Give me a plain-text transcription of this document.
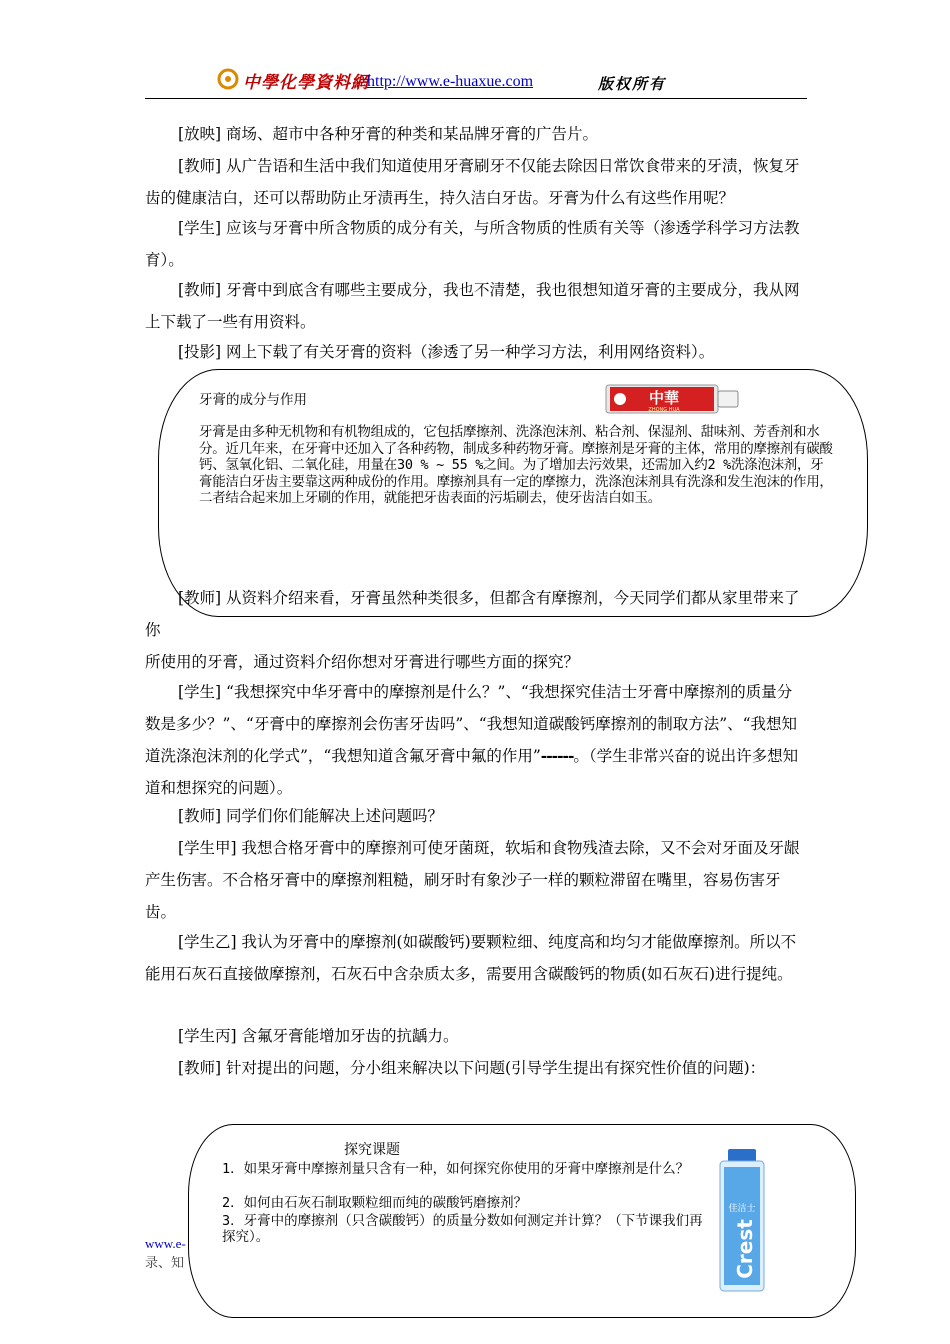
中學化學資料網
http://www.e-huaxue.com	版权所有
[放映] 商场、超市中各种牙膏的种类和某品牌牙膏的广告片。
[教师] 从广告语和生活中我们知道使用牙膏刷牙不仅能去除因日常饮食带来的牙渍，恢复牙齿的健康洁白，还可以帮助防止牙渍再生，持久洁白牙齿。牙膏为什么有这些作用呢？
[学生] 应该与牙膏中所含物质的成分有关，与所含物质的性质有关等（渗透学科学习方法教育）。
[教师] 牙膏中到底含有哪些主要成分，我也不清楚，我也很想知道牙膏的主要成分，我从网上下载了一些有用资料。
[投影] 网上下载了有关牙膏的资料（渗透了另一种学习方法，利用网络资料）。
牙膏的成分与作用	中華
ZHONG HUA
牙膏是由多种无机物和有机物组成的，它包括摩擦剂、洗涤泡沫剂、粘合剂、保湿剂、甜味剂、芳香剂和水分。近几年来，在牙膏中还加入了各种药物，制成多种药物牙膏。摩擦剂是牙膏的主体，常用的摩擦剂有碳酸钙、氢氧化铝、二氧化硅，用量在30 % ~ 55 %之间。为了增加去污效果，还需加入约2 %洗涤泡沫剂，牙膏能洁白牙齿主要靠这两种成份的作用。摩擦剂具有一定的摩擦力，洗涤泡沫剂具有洗涤和发生泡沫的作用，二者结合起来加上牙刷的作用，就能把牙齿表面的污垢刷去，使牙齿洁白如玉。
[教师] 从资料介绍来看，牙膏虽然种类很多，但都含有摩擦剂，今天同学们都从家里带来了你
所使用的牙膏，通过资料介绍你想对牙膏进行哪些方面的探究？
[学生] “我想探究中华牙膏中的摩擦剂是什么？”、“我想探究佳洁士牙膏中摩擦剂的质量分数是多少？”、“牙膏中的摩擦剂会伤害牙齿吗”、“我想知道碳酸钙摩擦剂的制取方法”、“我想知道洗涤泡沫剂的化学式”，“我想知道含氟牙膏中氟的作用”------。（学生非常兴奋的说出许多想知道和想探究的问题）。
[教师] 同学们你们能解决上述问题吗？
[学生甲] 我想合格牙膏中的摩擦剂可使牙菌斑，软垢和食物残渣去除，又不会对牙面及牙龈产生伤害。不合格牙膏中的摩擦剂粗糙，刷牙时有象沙子一样的颗粒滞留在嘴里，容易伤害牙齿。
[学生乙] 我认为牙膏中的摩擦剂(如碳酸钙)要颗粒细、纯度高和均匀才能做摩擦剂。所以不能用石灰石直接做摩擦剂，石灰石中含杂质太多，需要用含碳酸钙的物质(如石灰石)进行提纯。
[学生丙] 含氟牙膏能增加牙齿的抗龋力。
[教师] 针对提出的问题，分小组来解决以下问题(引导学生提出有探究性价值的问题)：
www.e-
录、知
探究课题
1．如果牙膏中摩擦剂量只含有一种，如何探究你使用的牙膏中摩擦剂是什么？
2．如何由石灰石制取颗粒细而纯的碳酸钙磨擦剂？
3．牙膏中的摩擦剂（只含碳酸钙）的质量分数如何测定并计算？（下节课我们再探究）。
佳洁士
Crest
